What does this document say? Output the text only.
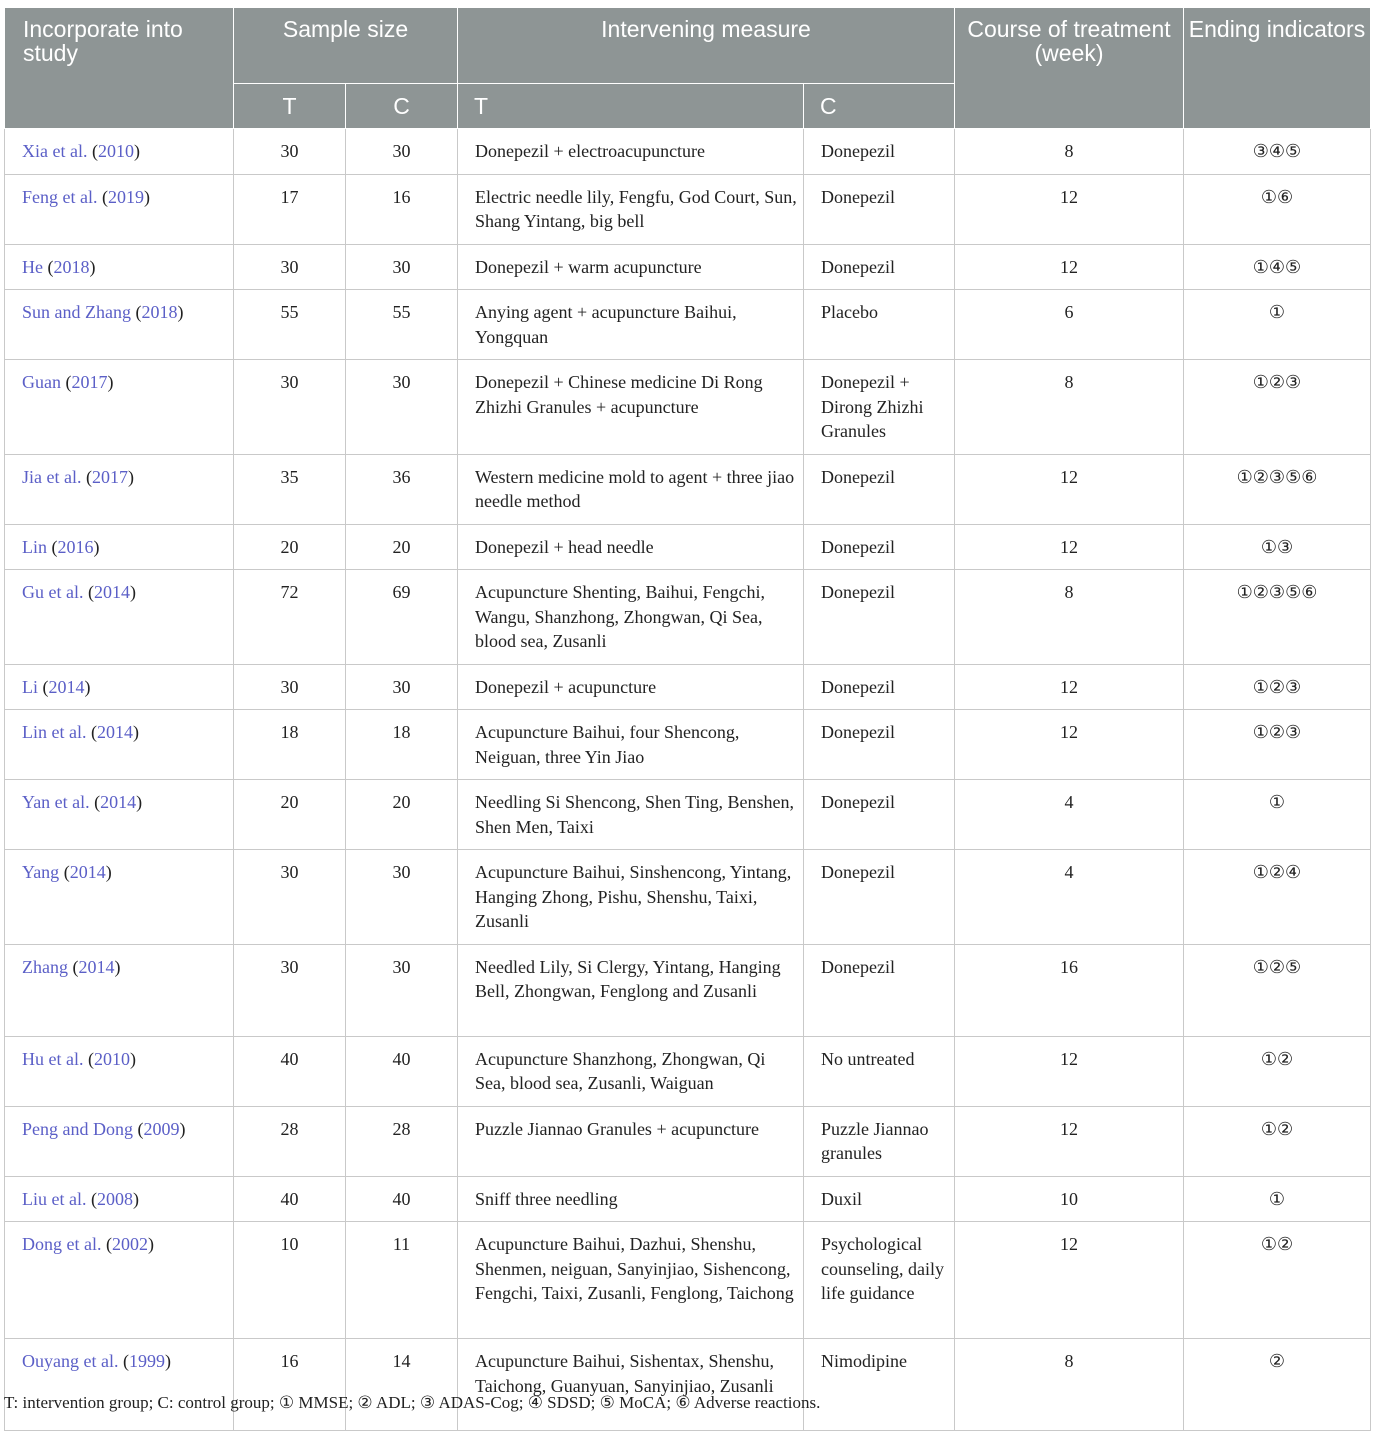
Incorporate into study	Sample size		Intervening measure		Course of treatment (week)	Ending indicators
	T	C	T	C		
Xia et al. (2010)	30	30	Donepezil + electroacupuncture	Donepezil	8	③④⑤
Feng et al. (2019)	17	16	Electric needle lily, Fengfu, God Court, Sun, Shang Yintang, big bell	Donepezil	12	①⑥
He (2018)	30	30	Donepezil + warm acupuncture	Donepezil	12	①④⑤
Sun and Zhang (2018)	55	55	Anying agent + acupuncture Baihui, Yongquan	Placebo	6	①
Guan (2017)	30	30	Donepezil + Chinese medicine Di Rong Zhizhi Granules + acupuncture	Donepezil + Dirong Zhizhi Granules	8	①②③
Jia et al. (2017)	35	36	Western medicine mold to agent + three jiao needle method	Donepezil	12	①②③⑤⑥
Lin (2016)	20	20	Donepezil + head needle	Donepezil	12	①③
Gu et al. (2014)	72	69	Acupuncture Shenting, Baihui, Fengchi, Wangu, Shanzhong, Zhongwan, Qi Sea, blood sea, Zusanli	Donepezil	8	①②③⑤⑥
Li (2014)	30	30	Donepezil + acupuncture	Donepezil	12	①②③
Lin et al. (2014)	18	18	Acupuncture Baihui, four Shencong, Neiguan, three Yin Jiao	Donepezil	12	①②③
Yan et al. (2014)	20	20	Needling Si Shencong, Shen Ting, Benshen, Shen Men, Taixi	Donepezil	4	①
Yang (2014)	30	30	Acupuncture Baihui, Sinshencong, Yintang, Hanging Zhong, Pishu, Shenshu, Taixi, Zusanli	Donepezil	4	①②④
Zhang (2014)	30	30	Needled Lily, Si Clergy, Yintang, Hanging Bell, Zhongwan, Fenglong and Zusanli	Donepezil	16	①②⑤
Hu et al. (2010)	40	40	Acupuncture Shanzhong, Zhongwan, Qi Sea, blood sea, Zusanli, Waiguan	No untreated	12	①②
Peng and Dong (2009)	28	28	Puzzle Jiannao Granules + acupuncture	Puzzle Jiannao granules	12	①②
Liu et al. (2008)	40	40	Sniff three needling	Duxil	10	①
Dong et al. (2002)	10	11	Acupuncture Baihui, Dazhui, Shenshu, Shenmen, neiguan, Sanyinjiao, Sishencong, Fengchi, Taixi, Zusanli, Fenglong, Taichong	Psychological counseling, daily life guidance	12	①②
Ouyang et al. (1999)	16	14	Acupuncture Baihui, Sishentax, Shenshu, Taichong, Guanyuan, Sanyinjiao, Zusanli	Nimodipine	8	②
T: intervention group; C: control group; ① MMSE; ② ADL; ③ ADAS-Cog; ④ SDSD; ⑤ MoCA; ⑥ Adverse reactions.
